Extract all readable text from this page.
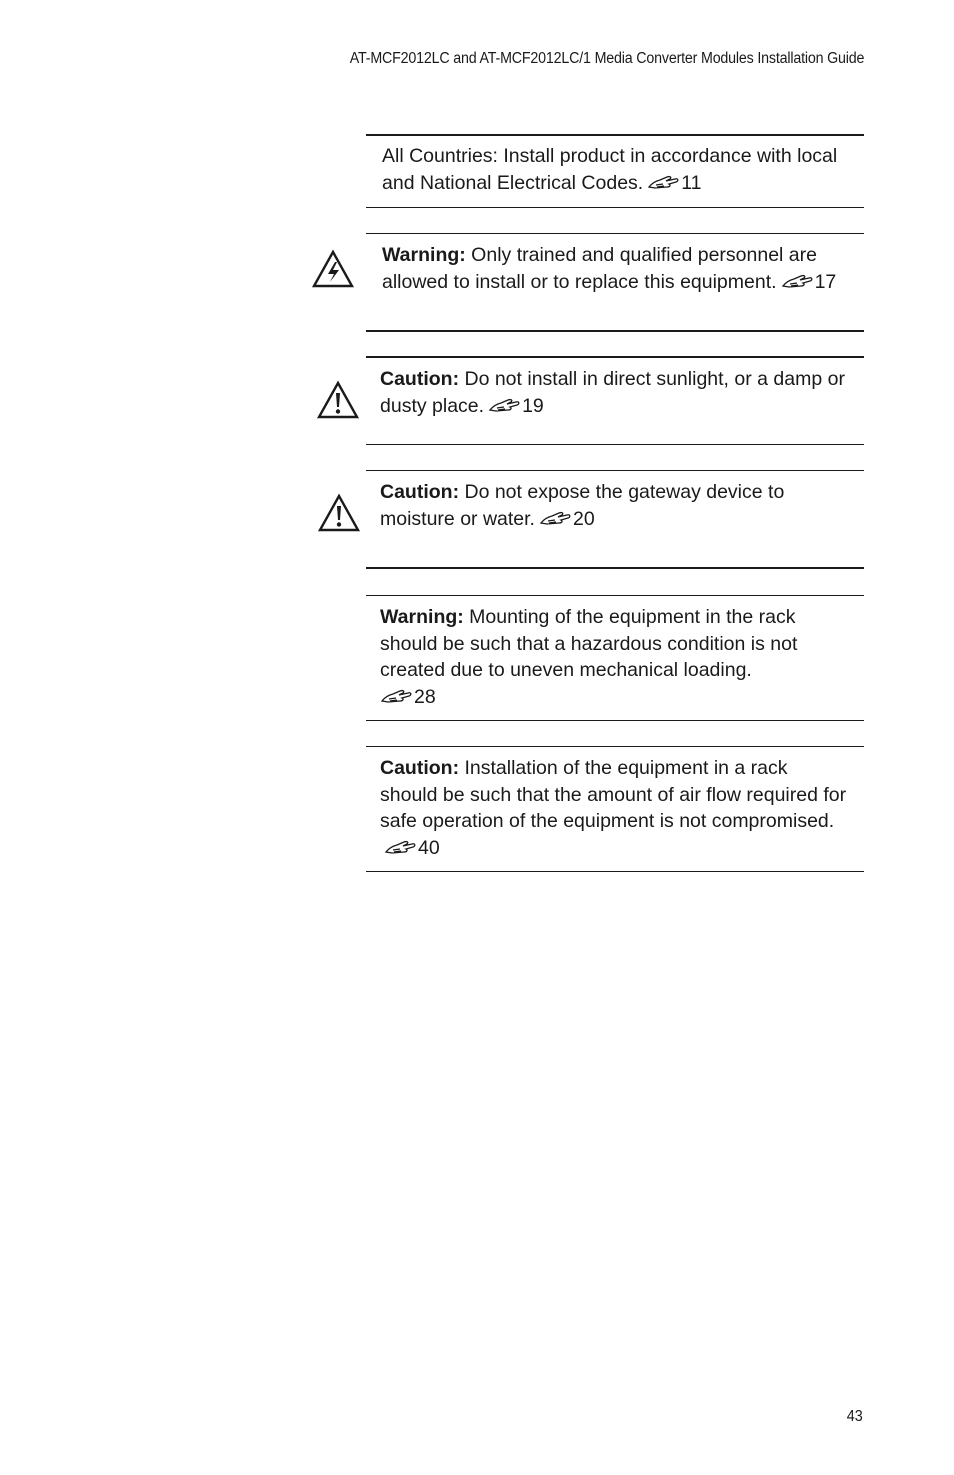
AT-MCF2012LC and AT-MCF2012LC/1 Media Converter Modules Installation Guide
All Countries: Install product in accordance with local and National Electrical Codes. 11
Warning: Only trained and qualified personnel are allowed to install or to replace this equipment. 17
Caution: Do not install in direct sunlight, or a damp or dusty place. 19
Caution: Do not expose the gateway device to moisture or water. 20
Warning: Mounting of the equipment in the rack should be such that a hazardous condition is not created due to uneven mechanical loading.

28
Caution: Installation of the equipment in a rack should be such that the amount of air flow required for safe operation of the equipment is not compromised.
40
43
